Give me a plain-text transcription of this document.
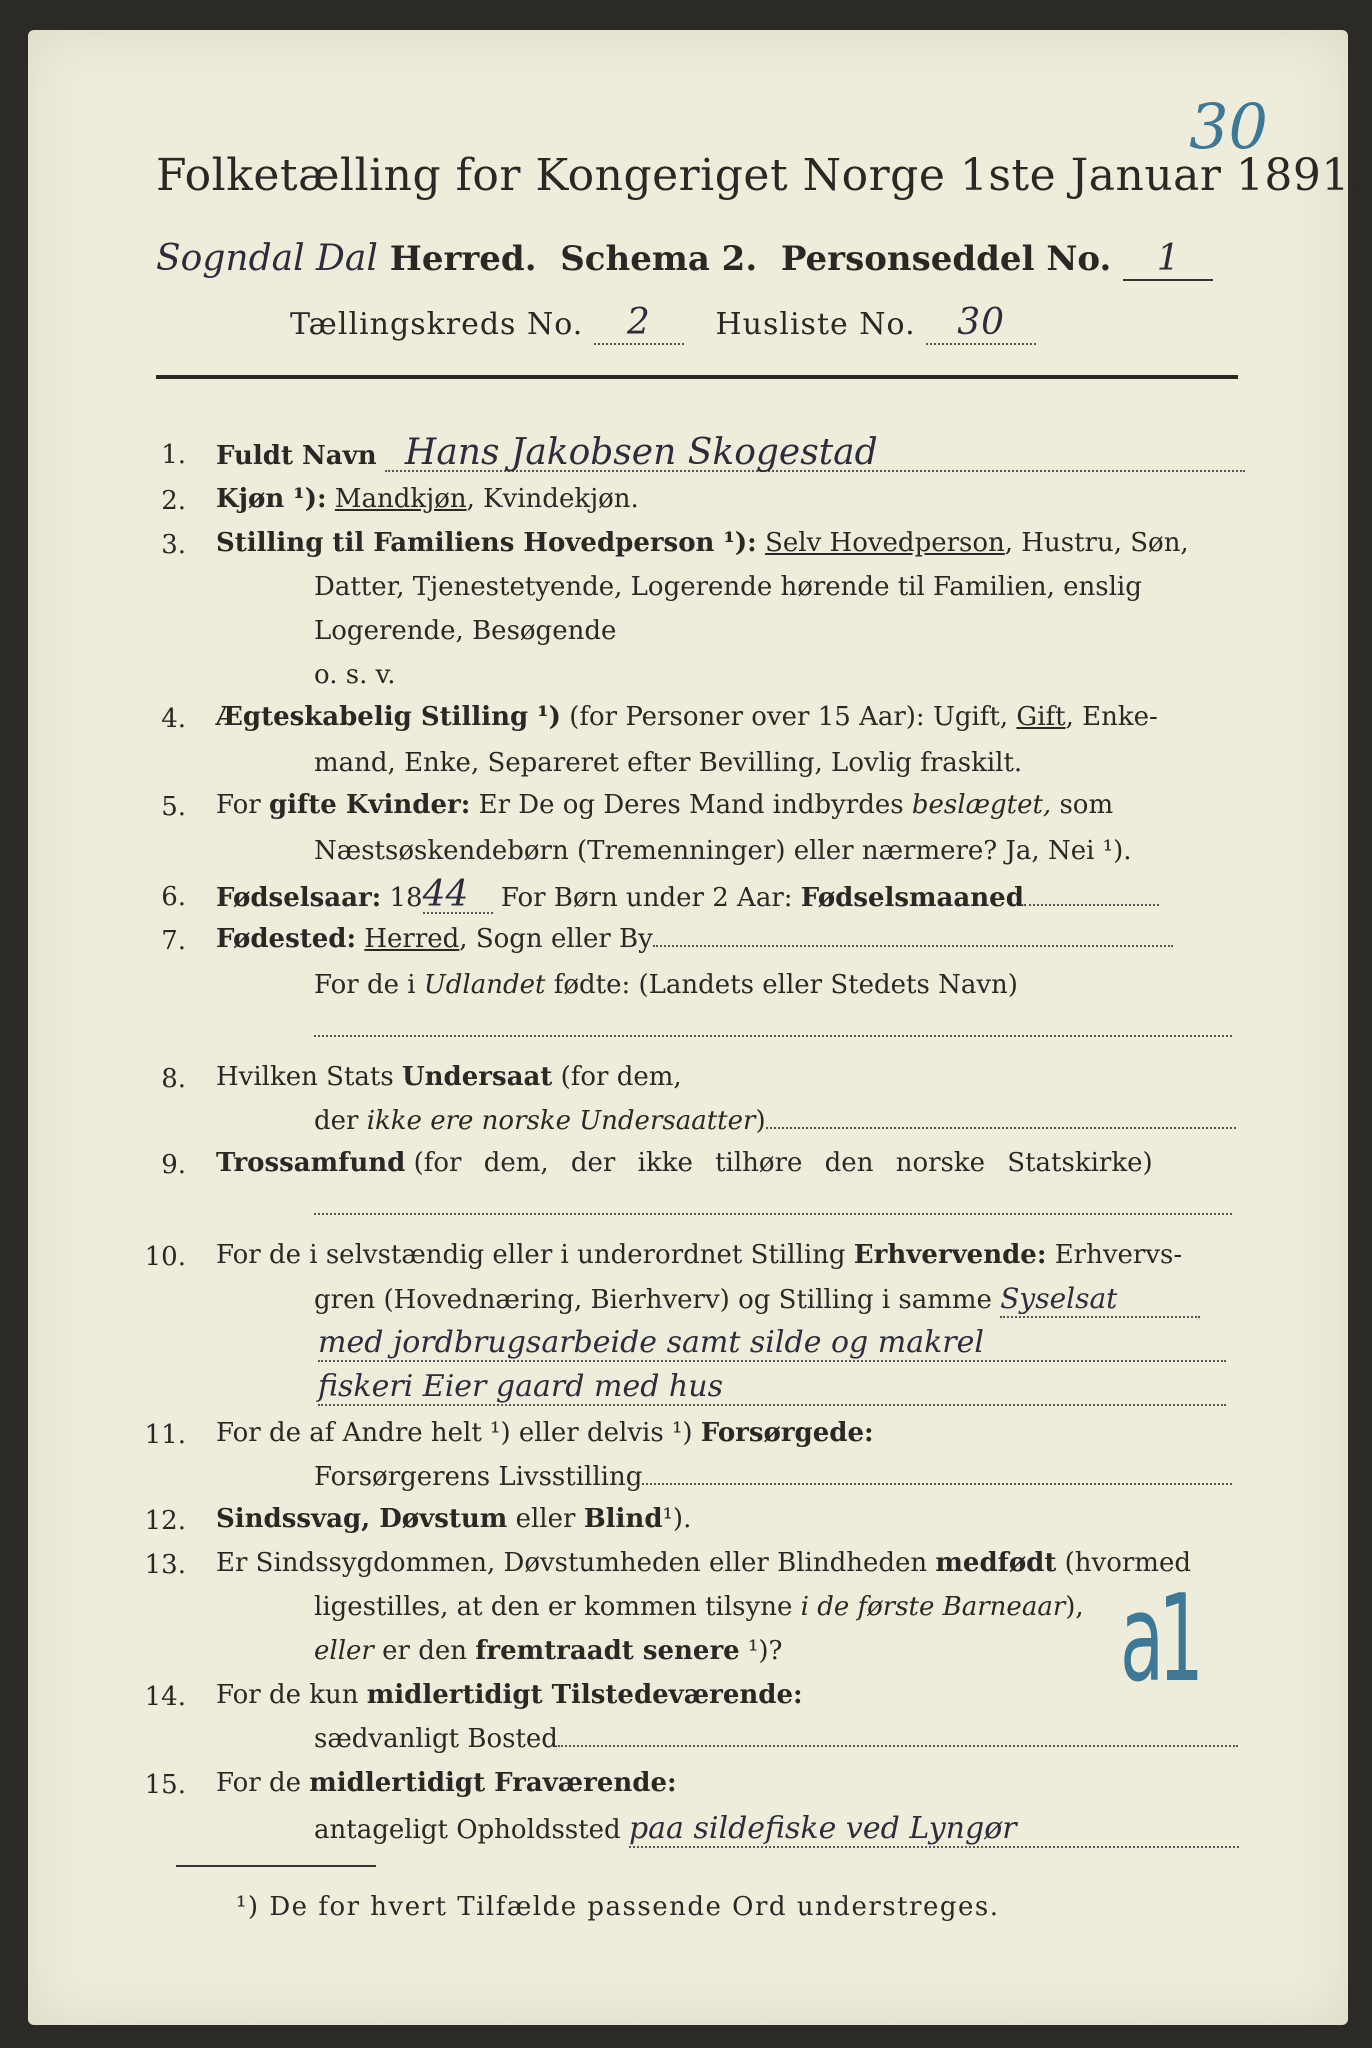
30
Folketælling for Kongeriget Norge 1ste Januar 1891.
Sogndal Dal Herred. Schema 2. Personseddel No. 1
Tællingskreds No. 2 Husliste No. 30
1. Fuldt Navn Hans Jakobsen Skogestad
2. Kjøn ¹): Mandkjøn, Kvindekjøn.
3. Stilling til Familiens Hovedperson ¹): Selv Hovedperson, Hustru, Søn,
Datter, Tjenestetyende, Logerende hørende til Familien, enslig
Logerende, Besøgende
o. s. v.
4. Ægteskabelig Stilling ¹) (for Personer over 15 Aar): Ugift, Gift, Enke-
mand, Enke, Separeret efter Bevilling, Lovlig fraskilt.
5. For gifte Kvinder: Er De og Deres Mand indbyrdes beslægtet, som
Næstsøskendebørn (Tremenninger) eller nærmere? Ja, Nei ¹).
6. Fødselsaar: 1844 For Børn under 2 Aar: Fødselsmaaned
7. Fødested: Herred, Sogn eller By
For de i Udlandet fødte: (Landets eller Stedets Navn)
8. Hvilken Stats Undersaat (for dem,
der ikke ere norske Undersaatter)
9. Trossamfund (for dem, der ikke tilhøre den norske Statskirke)
10. For de i selvstændig eller i underordnet Stilling Erhvervende: Erhvervs-
gren (Hovednæring, Bierhverv) og Stilling i samme Syselsat
med jordbrugsarbeide samt silde og makrel
fiskeri Eier gaard med hus
11. For de af Andre helt ¹) eller delvis ¹) Forsørgede:
Forsørgerens Livsstilling
12. Sindssvag, Døvstum eller Blind¹).
13. Er Sindssygdommen, Døvstumheden eller Blindheden medfødt (hvormed
ligestilles, at den er kommen tilsyne i de første Barneaar),
eller er den fremtraadt senere ¹)?
14. For de kun midlertidigt Tilstedeværende:
sædvanligt Bosted
15. For de midlertidigt Fraværende:
antageligt Opholdssted paa sildefiske ved Lyngør
a1
¹) De for hvert Tilfælde passende Ord understreges.
